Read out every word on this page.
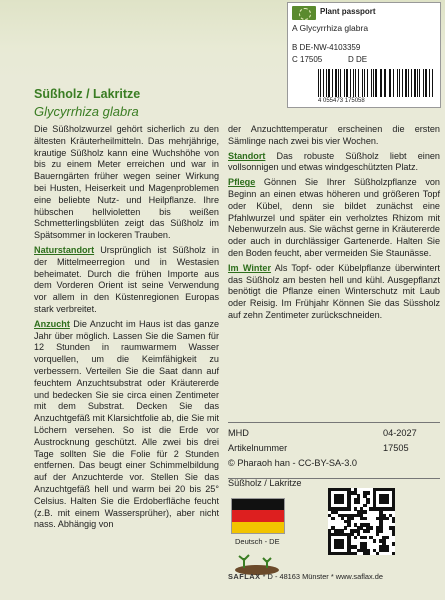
Plant passport
A Glycyrrhiza glabra
B DE-NW-4103359
C 17505	D DE
4 055473 175058
Süßholz / Lakritze
Glycyrrhiza glabra

Die Süßholzwurzel gehört sicherlich zu den ältesten Kräuterheilmitteln. Das mehrjährige, krautige Süßholz kann eine Wuchshöhe von bis zu einem Meter erreichen und war in Bauerngärten früher wegen seiner Wirkung bei Husten, Heiserkeit und Magenproblemen eine beliebte Nutz- und Heilpflanze. Ihre hübschen hellvioletten bis weißen Schmetterlingsblüten zeigt das Süßholz im Spätsommer in lockeren Trauben.

Naturstandort Ursprünglich ist Süßholz in der Mittelmeerregion und in Westasien beheimatet. Durch die frühen Importe aus dem Vorderen Orient ist seine Verwendung vor allem in den Küstenregionen Europas stark verbreitet.

Anzucht Die Anzucht im Haus ist das ganze Jahr über möglich. Lassen Sie die Samen für 12 Stunden in raumwarmem Wasser vorquellen, um die Keimfähigkeit zu verbessern. Verteilen Sie die Saat dann auf feuchtem Anzuchtsubstrat oder Kräutererde und bedecken Sie sie circa einen Zentimeter mit dem Substrat. Decken Sie das Anzuchtgefäß mit Klarsichtfolie ab, die Sie mit Löchern versehen. So ist die Erde vor Austrocknung geschützt. Alle zwei bis drei Tage sollten Sie die Folie für 2 Stunden entfernen. Das beugt einer Schimmelbildung auf der Anzuchterde vor. Stellen Sie das Anzuchtgefäß hell und warm bei 20 bis 25° Celsius. Halten Sie die Erdoberfläche feucht (z.B. mit einem Wassersprüher), aber nicht nass. Abhängig von

der Anzuchttemperatur erscheinen die ersten Sämlinge nach zwei bis vier Wochen.

Standort Das robuste Süßholz liebt einen vollsonnigen und etwas windgeschützten Platz.

Pflege Gönnen Sie Ihrer Süßholzpflanze von Beginn an einen etwas höheren und größeren Topf oder Kübel, denn sie bildet zunächst eine Pfahlwurzel und später ein verholztes Rhizom mit Nebenwurzeln aus. Sie wächst gerne in Kräutererde oder auch in durchlässiger Gartenerde. Halten Sie den Boden feucht, aber vermeiden Sie Staunässe.

Im Winter Als Topf- oder Kübelpflanze überwintert das Süßholz am besten hell und kühl. Ausgepflanzt benötigt die Pflanze einen Winterschutz mit Laub oder Reisig. Im Frühjahr Können Sie das Süssholz auf zehn Zentimeter zurückschneiden.

MHD	04-2027
Artikelnummer	17505
© Pharaoh han - CC-BY-SA-3.0
Süßholz / Lakritze
Deutsch - DE
SAFLAX * D - 48163 Münster * www.saflax.de
